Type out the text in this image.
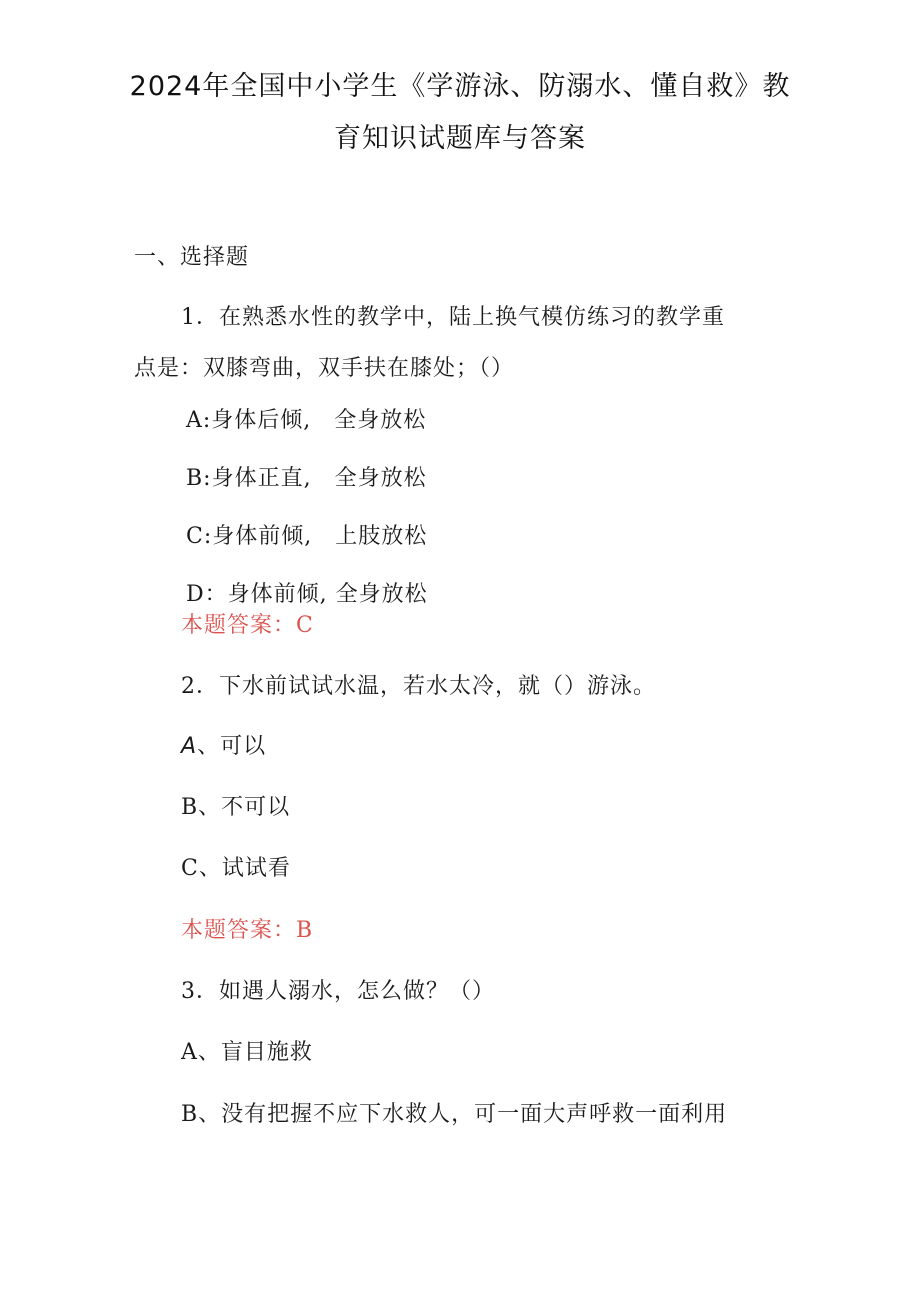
2024年全国中小学生《学游泳、防溺水、懂自救》教
育知识试题库与答案
一、选择题
1．在熟悉水性的教学中，陆上换气模仿练习的教学重
点是：双膝弯曲，双手扶在膝处；（）
A:身体后倾,　全身放松
B:身体正直,　全身放松
C:身体前倾,　上肢放松
D：身体前倾, 全身放松
本题答案：C
2．下水前试试水温，若水太冷，就（）游泳。
A、可以
B、不可以
C、试试看
本题答案：B
3．如遇人溺水，怎么做？（）
A、盲目施救
B、没有把握不应下水救人，可一面大声呼救一面利用
